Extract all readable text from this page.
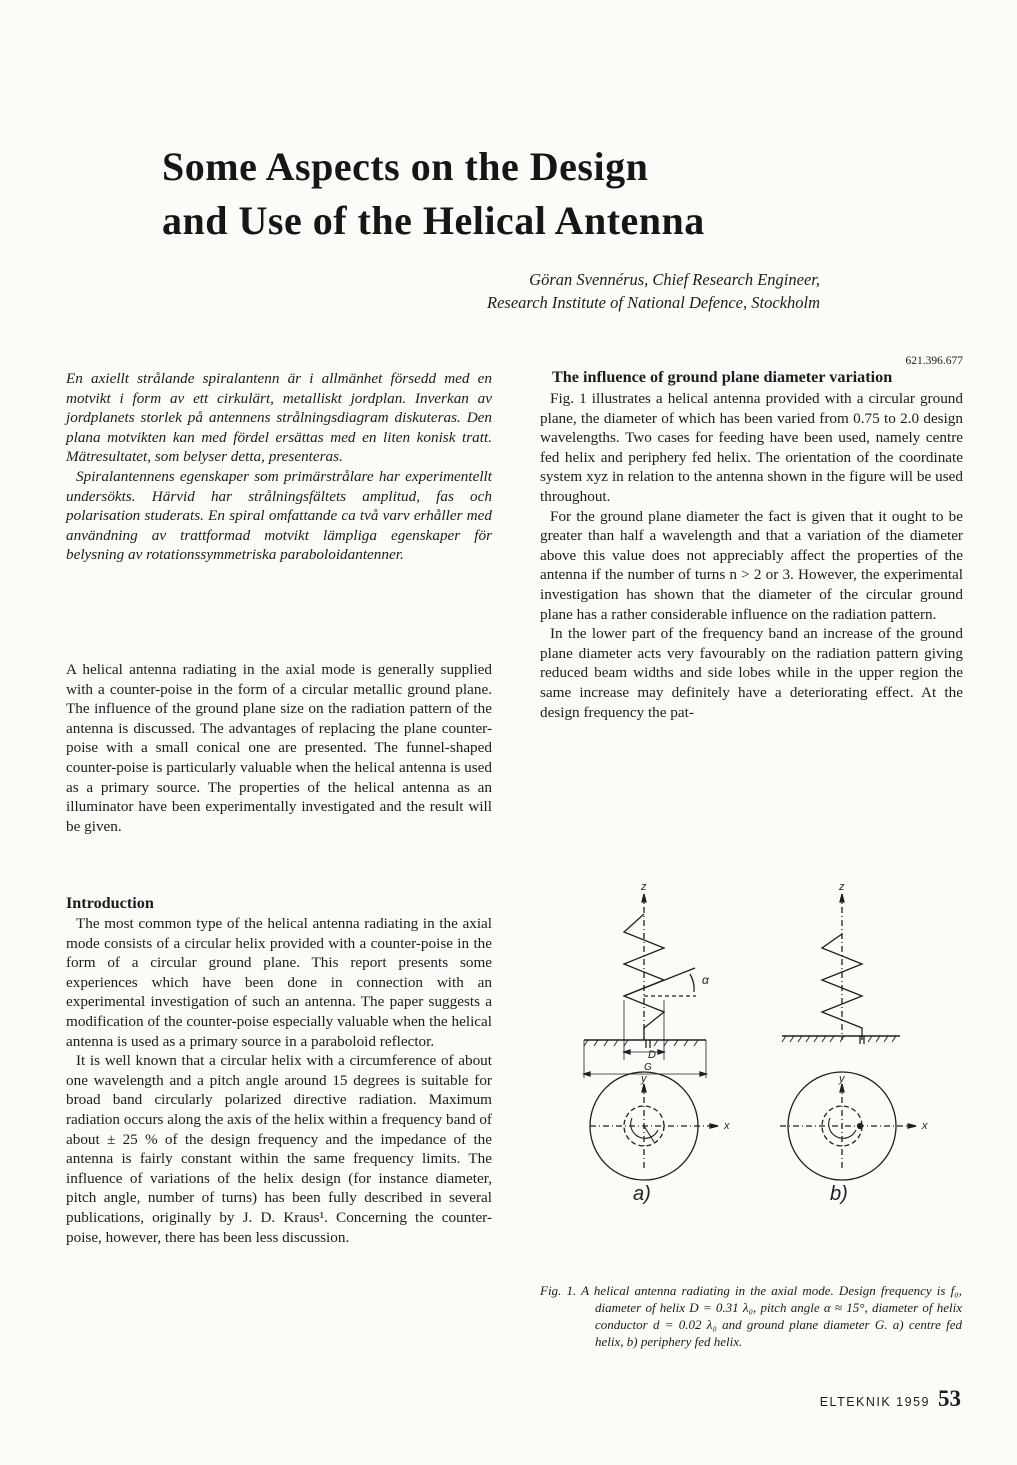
Some Aspects on the Design
and Use of the Helical Antenna
Göran Svennérus, Chief Research Engineer,
Research Institute of National Defence, Stockholm

En axiellt strålande spiralantenn är i allmänhet försedd med en motvikt i form av ett cirkulärt, metalliskt jordplan. Inverkan av jordplanets storlek på antennens strålningsdiagram diskuteras. Den plana motvikten kan med fördel ersättas med en liten konisk tratt. Mätresultatet, som belyser detta, presenteras.

Spiralantennens egenskaper som primärstrålare har experimentellt undersökts. Härvid har strålningsfältets amplitud, fas och polarisation studerats. En spiral omfattande ca två varv erhåller med användning av trattformad motvikt lämpliga egenskaper för belysning av rotationssymmetriska paraboloidantenner.

A helical antenna radiating in the axial mode is generally supplied with a counter-poise in the form of a circular metallic ground plane. The influence of the ground plane size on the radiation pattern of the antenna is discussed. The advantages of replacing the plane counter-poise with a small conical one are presented. The funnel-shaped counter-poise is particularly valuable when the helical antenna is used as a primary source. The properties of the helical antenna as an illuminator have been experimentally investigated and the result will be given.

Introduction

The most common type of the helical antenna radiating in the axial mode consists of a circular helix provided with a counter-poise in the form of a circular ground plane. This report presents some experiences which have been done in connection with an experimental investigation of such an antenna. The paper suggests a modification of the counter-poise especially valuable when the helical antenna is used as a primary source in a paraboloid reflector.

It is well known that a circular helix with a circumference of about one wavelength and a pitch angle around 15 degrees is suitable for broad band circularly polarized directive radiation. Maximum radiation occurs along the axis of the helix within a frequency band of about ± 25 % of the design frequency and the impedance of the antenna is fairly constant within the same frequency limits. The influence of variations of the helix design (for instance diameter, pitch angle, number of turns) has been fully described in several publications, originally by J. D. Kraus¹. Concerning the counter-poise, however, there has been less discussion.

621.396.677
The influence of ground plane diameter variation

Fig. 1 illustrates a helical antenna provided with a circular ground plane, the diameter of which has been varied from 0.75 to 2.0 design wavelengths. Two cases for feeding have been used, namely centre fed helix and periphery fed helix. The orientation of the coordinate system xyz in relation to the antenna shown in the figure will be used throughout.

For the ground plane diameter the fact is given that it ought to be greater than half a wavelength and that a variation of the diameter above this value does not appreciably affect the properties of the antenna if the number of turns n > 2 or 3. However, the experimental investigation has shown that the diameter of the circular ground plane has a rather considerable influence on the radiation pattern.

In the lower part of the frequency band an increase of the ground plane diameter acts very favourably on the radiation pattern giving reduced beam widths and side lobes while in the upper region the same increase may definitely have a deteriorating effect. At the design frequency the pat-

z
α
D
G
y
x
a)
z
y
x
b)

Fig. 1. A helical antenna radiating in the axial mode. Design frequency is f₀, diameter of helix D = 0.31 λ₀, pitch angle α ≈ 15°, diameter of helix conductor d = 0.02 λ₀ and ground plane diameter G. a) centre fed helix, b) periphery fed helix.

ELTEKNIK 1959 53
